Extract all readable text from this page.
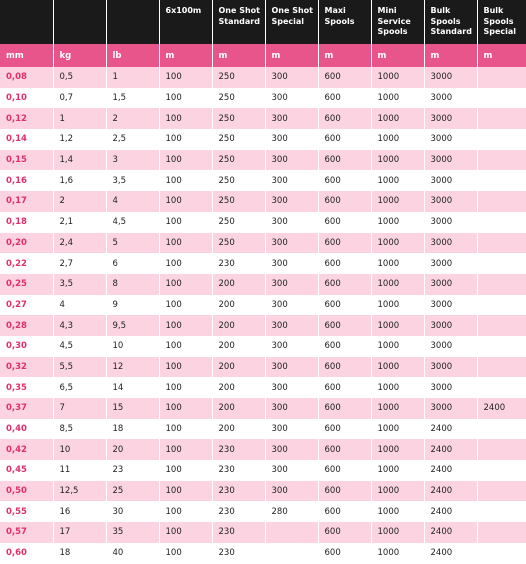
			6x100m	One Shot Standard	One Shot Special	Maxi Spools	Mini Service Spools	Bulk Spools Standard	Bulk Spools Special
mm	kg	lb	m	m	m	m	m	m	m
0,08	0,5	1	100	250	300	600	1000	3000	
0,10	0,7	1,5	100	250	300	600	1000	3000	
0,12	1	2	100	250	300	600	1000	3000	
0,14	1,2	2,5	100	250	300	600	1000	3000	
0,15	1,4	3	100	250	300	600	1000	3000	
0,16	1,6	3,5	100	250	300	600	1000	3000	
0,17	2	4	100	250	300	600	1000	3000	
0,18	2,1	4,5	100	250	300	600	1000	3000	
0,20	2,4	5	100	250	300	600	1000	3000	
0,22	2,7	6	100	230	300	600	1000	3000	
0,25	3,5	8	100	200	300	600	1000	3000	
0,27	4	9	100	200	300	600	1000	3000	
0,28	4,3	9,5	100	200	300	600	1000	3000	
0,30	4,5	10	100	200	300	600	1000	3000	
0,32	5,5	12	100	200	300	600	1000	3000	
0,35	6,5	14	100	200	300	600	1000	3000	
0,37	7	15	100	200	300	600	1000	3000	2400
0,40	8,5	18	100	200	300	600	1000	2400	
0,42	10	20	100	230	300	600	1000	2400	
0,45	11	23	100	230	300	600	1000	2400	
0,50	12,5	25	100	230	300	600	1000	2400	
0,55	16	30	100	230	280	600	1000	2400	
0,57	17	35	100	230		600	1000	2400	
0,60	18	40	100	230		600	1000	2400	
